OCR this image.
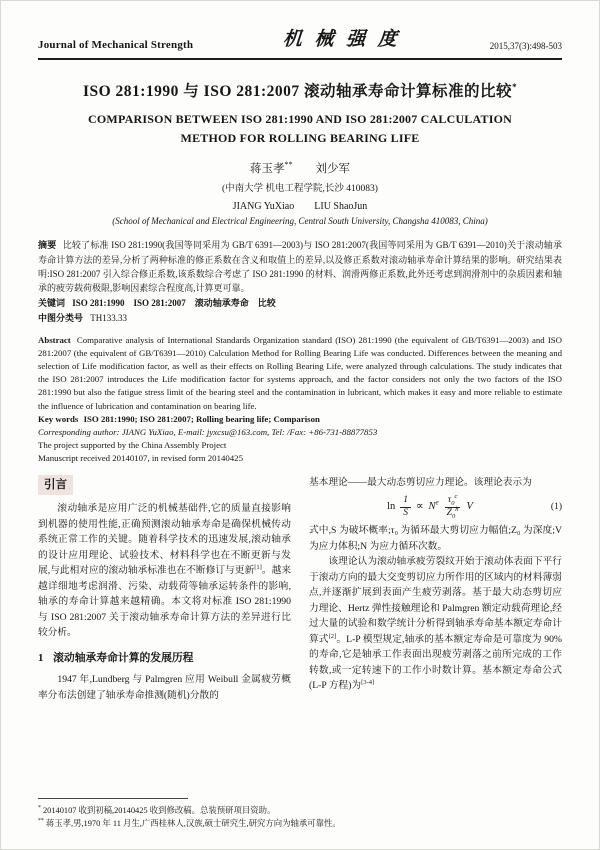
Journal of Mechanical Strength	机 械 强 度	2015,37(3):498-503
ISO 281:1990 与 ISO 281:2007 滚动轴承寿命计算标准的比较*
COMPARISON BETWEEN ISO 281:1990 AND ISO 281:2007 CALCULATION
METHOD FOR ROLLING BEARING LIFE
蒋玉孝** 刘少军
(中南大学 机电工程学院,长沙 410083)
JIANG YuXiao LIU ShaoJun
(School of Mechanical and Electrical Engineering, Central South University, Changsha 410083, China)

摘要 比较了标准 ISO 281:1990(我国等同采用为 GB/T 6391—2003)与 ISO 281:2007(我国等同采用为 GB/T 6391—2010)关于滚动轴承寿命计算方法的差异,分析了两种标准的修正系数在含义和取值上的差异,以及修正系数对滚动轴承寿命计算结果的影响。研究结果表明:ISO 281:2007 引入综合修正系数,该系数综合考虑了 ISO 281:1990 的材料、润滑两修正系数,此外还考虑到润滑剂中的杂质因素和轴承的疲劳载荷极限,影响因素综合程度高,计算更可靠。

关键词 ISO 281:1990　ISO 281:2007　滚动轴承寿命　比较

中图分类号 TH133.33

Abstract Comparative analysis of International Standards Organization standard (ISO) 281:1990 (the equivalent of GB/T6391—2003) and ISO 281:2007 (the equivalent of GB/T6391—2010) Calculation Method for Rolling Bearing Life was conducted. Differences between the meaning and selection of Life modification factor, as well as their effects on Rolling Bearing Life, were analyzed through calculations. The study indicates that the ISO 281:2007 introduces the Life modification factor for systems approach, and the factor considers not only the two factors of the ISO 281:1990 but also the fatigue stress limit of the bearing steel and the contamination in lubricant, which makes it easy and more reliable to estimate the influence of lubrication and contamination on bearing life.

Key words ISO 281:1990; ISO 281:2007; Rolling bearing life; Comparison

Corresponding author: JIANG YuXiao, E-mail: jyxcsu@163.com, Tel: /Fax: +86-731-88877853

The project supported by the China Assembly Project

Manuscript received 20140107, in revised form 20140425

引言

滚动轴承是应用广泛的机械基础件,它的质量直接影响到机器的使用性能,正确预测滚动轴承寿命是确保机械传动系统正常工作的关键。随着科学技术的迅速发展,滚动轴承的设计应用理论、试验技术、材料科学也在不断更新与发展,与此相对应的滚动轴承标准也在不断修订与更新[1]。越来越详细地考虑润滑、污染、动载荷等轴承运转条件的影响,轴承的寿命计算越来越精确。本文将对标准 ISO 281:1990 与 ISO 281:2007 关于滚动轴承寿命计算方法的差异进行比较分析。

1 滚动轴承寿命计算的发展历程

1947 年,Lundberg 与 Palmgren 应用 Weibull 金属疲劳概率分布法创建了轴承寿命推测(随机)分散的

基本理论——最大动态剪切应力理论。该理论表示为

$\ln \frac{1}{S} \propto N^e \frac{\tau_0^c}{Z_0^h}$ V	(1)

式中,S 为破坏概率;τ₀ 为循环最大剪切应力幅值;Z₀ 为深度;V 为应力体积;N 为应力循环次数。

该理论认为滚动轴承疲劳裂纹开始于滚动体表面下平行于滚动方向的最大交变剪切应力所作用的区域内的材料薄弱点,并逐渐扩展到表面产生疲劳剥落。基于最大动态剪切应力理论、Hertz 弹性接触理论和 Palmgren 额定动载荷理论,经过大量的试验和数学统计分析得到轴承寿命基本额定寿命计算式[2]。L-P 模型规定,轴承的基本额定寿命是可靠度为 90% 的寿命,它是轴承工作表面出现疲劳剥落之前所完成的工作转数,或一定转速下的工作小时数计算。基本额定寿命公式(L-P 方程)为[3-4]

* 20140107 收到初稿,20140425 收到修改稿。总装预研项目资助。

** 蒋玉孝,男,1970 年 11 月生,广西桂林人,汉族,硕士研究生,研究方向为轴承可靠性。
